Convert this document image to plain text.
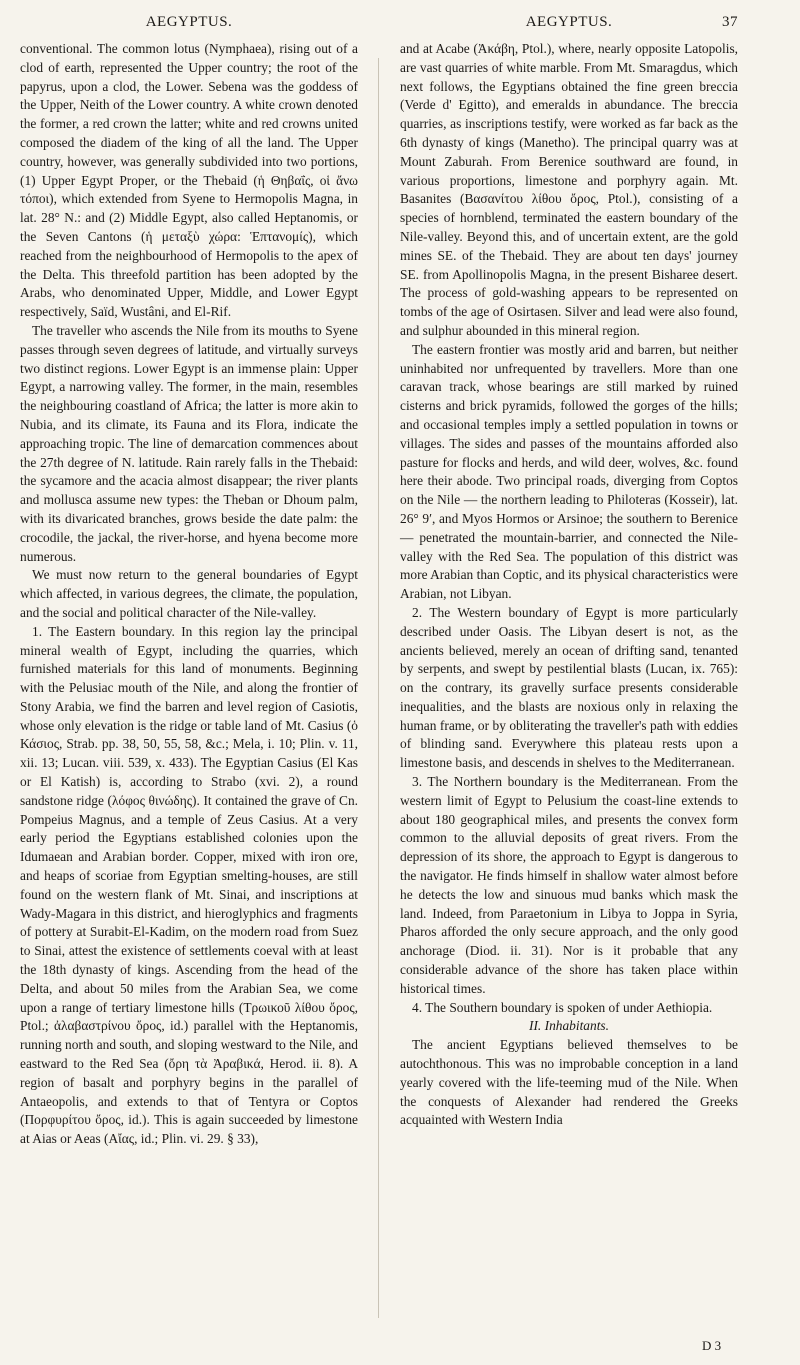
AEGYPTUS.

conventional. The common lotus (Nymphaea), rising out of a clod of earth, represented the Upper country; the root of the papyrus, upon a clod, the Lower. Sebena was the goddess of the Upper, Neith of the Lower country. A white crown denoted the former, a red crown the latter; white and red crowns united composed the diadem of the king of all the land. The Upper country, however, was generally subdivided into two portions, (1) Upper Egypt Proper, or the Thebaid (ἡ Θηβαΐς, οἱ ἄνω τόποι), which extended from Syene to Hermopolis Magna, in lat. 28° N.: and (2) Middle Egypt, also called Heptanomis, or the Seven Cantons (ἡ μεταξὺ χώρα: Ἑπτανομίς), which reached from the neighbourhood of Hermopolis to the apex of the Delta. This threefold partition has been adopted by the Arabs, who denominated Upper, Middle, and Lower Egypt respectively, Saïd, Wustâni, and El-Rif.

The traveller who ascends the Nile from its mouths to Syene passes through seven degrees of latitude, and virtually surveys two distinct regions. Lower Egypt is an immense plain: Upper Egypt, a narrowing valley. The former, in the main, resembles the neighbouring coastland of Africa; the latter is more akin to Nubia, and its climate, its Fauna and its Flora, indicate the approaching tropic. The line of demarcation commences about the 27th degree of N. latitude. Rain rarely falls in the Thebaid: the sycamore and the acacia almost disappear; the river plants and mollusca assume new types: the Theban or Dhoum palm, with its divaricated branches, grows beside the date palm: the crocodile, the jackal, the river-horse, and hyena become more numerous.

We must now return to the general boundaries of Egypt which affected, in various degrees, the climate, the population, and the social and political character of the Nile-valley.

1. The Eastern boundary. In this region lay the principal mineral wealth of Egypt, including the quarries, which furnished materials for this land of monuments. Beginning with the Pelusiac mouth of the Nile, and along the frontier of Stony Arabia, we find the barren and level region of Casiotis, whose only elevation is the ridge or table land of Mt. Casius (ὁ Κάσιος, Strab. pp. 38, 50, 55, 58, &c.; Mela, i. 10; Plin. v. 11, xii. 13; Lucan. viii. 539, x. 433). The Egyptian Casius (El Kas or El Katish) is, according to Strabo (xvi. 2), a round sandstone ridge (λόφος θινώδης). It contained the grave of Cn. Pompeius Magnus, and a temple of Zeus Casius. At a very early period the Egyptians established colonies upon the Idumaean and Arabian border. Copper, mixed with iron ore, and heaps of scoriae from Egyptian smelting-houses, are still found on the western flank of Mt. Sinai, and inscriptions at Wady-Magara in this district, and hieroglyphics and fragments of pottery at Surabit-El-Kadim, on the modern road from Suez to Sinai, attest the existence of settlements coeval with at least the 18th dynasty of kings. Ascending from the head of the Delta, and about 50 miles from the Arabian Sea, we come upon a range of tertiary limestone hills (Τρωικοῦ λίθου ὄρος, Ptol.; ἀλαβαστρίνου ὄρος, id.) parallel with the Heptanomis, running north and south, and sloping westward to the Nile, and eastward to the Red Sea (ὄρη τὰ Ἀραβικά, Herod. ii. 8). A region of basalt and porphyry begins in the parallel of Antaeopolis, and extends to that of Tentyra or Coptos (Πορφυρίτου ὄρος, id.). This is again succeeded by limestone at Aias or Aeas (Αἴας, id.; Plin. vi. 29. § 33),

AEGYPTUS.	37

and at Acabe (Ἀκάβη, Ptol.), where, nearly opposite Latopolis, are vast quarries of white marble. From Mt. Smaragdus, which next follows, the Egyptians obtained the fine green breccia (Verde d' Egitto), and emeralds in abundance. The breccia quarries, as inscriptions testify, were worked as far back as the 6th dynasty of kings (Manetho). The principal quarry was at Mount Zaburah. From Berenice southward are found, in various proportions, limestone and porphyry again. Mt. Basanites (Βασανίτου λίθου ὄρος, Ptol.), consisting of a species of hornblend, terminated the eastern boundary of the Nile-valley. Beyond this, and of uncertain extent, are the gold mines SE. of the Thebaid. They are about ten days' journey SE. from Apollinopolis Magna, in the present Bisharee desert. The process of gold-washing appears to be represented on tombs of the age of Osirtasen. Silver and lead were also found, and sulphur abounded in this mineral region.

The eastern frontier was mostly arid and barren, but neither uninhabited nor unfrequented by travellers. More than one caravan track, whose bearings are still marked by ruined cisterns and brick pyramids, followed the gorges of the hills; and occasional temples imply a settled population in towns or villages. The sides and passes of the mountains afforded also pasture for flocks and herds, and wild deer, wolves, &c. found here their abode. Two principal roads, diverging from Coptos on the Nile — the northern leading to Philoteras (Kosseir), lat. 26° 9′, and Myos Hormos or Arsinoe; the southern to Berenice — penetrated the mountain-barrier, and connected the Nile-valley with the Red Sea. The population of this district was more Arabian than Coptic, and its physical characteristics were Arabian, not Libyan.

2. The Western boundary of Egypt is more particularly described under Oasis. The Libyan desert is not, as the ancients believed, merely an ocean of drifting sand, tenanted by serpents, and swept by pestilential blasts (Lucan, ix. 765): on the contrary, its gravelly surface presents considerable inequalities, and the blasts are noxious only in relaxing the human frame, or by obliterating the traveller's path with eddies of blinding sand. Everywhere this plateau rests upon a limestone basis, and descends in shelves to the Mediterranean.

3. The Northern boundary is the Mediterranean. From the western limit of Egypt to Pelusium the coast-line extends to about 180 geographical miles, and presents the convex form common to the alluvial deposits of great rivers. From the depression of its shore, the approach to Egypt is dangerous to the navigator. He finds himself in shallow water almost before he detects the low and sinuous mud banks which mask the land. Indeed, from Paraetonium in Libya to Joppa in Syria, Pharos afforded the only secure approach, and the only good anchorage (Diod. ii. 31). Nor is it probable that any considerable advance of the shore has taken place within historical times.

4. The Southern boundary is spoken of under Aethiopia.

II. Inhabitants.

The ancient Egyptians believed themselves to be autochthonous. This was no improbable conception in a land yearly covered with the life-teeming mud of the Nile. When the conquests of Alexander had rendered the Greeks acquainted with Western India

D 3
